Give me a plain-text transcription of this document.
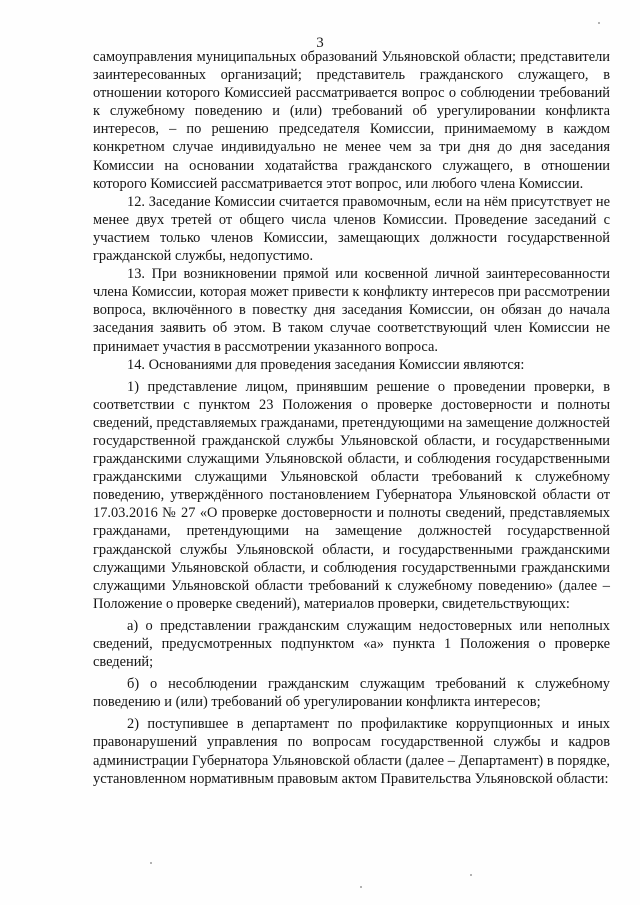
3

самоуправления муниципальных образований Ульяновской области; представители заинтересованных организаций; представитель гражданского служащего, в отношении которого Комиссией рассматривается вопрос о соблюдении требований к служебному поведению и (или) требований об урегулировании конфликта интересов, – по решению председателя Комиссии, принимаемому в каждом конкретном случае индивидуально не менее чем за три дня до дня заседания Комиссии на основании ходатайства гражданского служащего, в отношении которого Комиссией рассматривается этот вопрос, или любого члена Комиссии.

12. Заседание Комиссии считается правомочным, если на нём присутствует не менее двух третей от общего числа членов Комиссии. Проведение заседаний с участием только членов Комиссии, замещающих должности государственной гражданской службы, недопустимо.

13. При возникновении прямой или косвенной личной заинтересованности члена Комиссии, которая может привести к конфликту интересов при рассмотрении вопроса, включённого в повестку дня заседания Комиссии, он обязан до начала заседания заявить об этом. В таком случае соответствующий член Комиссии не принимает участия в рассмотрении указанного вопроса.

14. Основаниями для проведения заседания Комиссии являются:

1) представление лицом, принявшим решение о проведении проверки, в соответствии с пунктом 23 Положения о проверке достоверности и полноты сведений, представляемых гражданами, претендующими на замещение должностей государственной гражданской службы Ульяновской области, и государственными гражданскими служащими Ульяновской области, и соблюдения государственными гражданскими служащими Ульяновской области требований к служебному поведению, утверждённого постановлением Губернатора Ульяновской области от 17.03.2016 № 27 «О проверке достоверности и полноты сведений, представляемых гражданами, претендующими на замещение должностей государственной гражданской службы Ульяновской области, и государственными гражданскими служащими Ульяновской области, и соблюдения государственными гражданскими служащими Ульяновской области требований к служебному поведению» (далее – Положение о проверке сведений), материалов проверки, свидетельствующих:

а) о представлении гражданским служащим недостоверных или неполных сведений, предусмотренных подпунктом «а» пункта 1 Положения о проверке сведений;

б) о несоблюдении гражданским служащим требований к служебному поведению и (или) требований об урегулировании конфликта интересов;

2) поступившее в департамент по профилактике коррупционных и иных правонарушений управления по вопросам государственной службы и кадров администрации Губернатора Ульяновской области (далее – Департамент) в порядке, установленном нормативным правовым актом Правительства Ульяновской области:
